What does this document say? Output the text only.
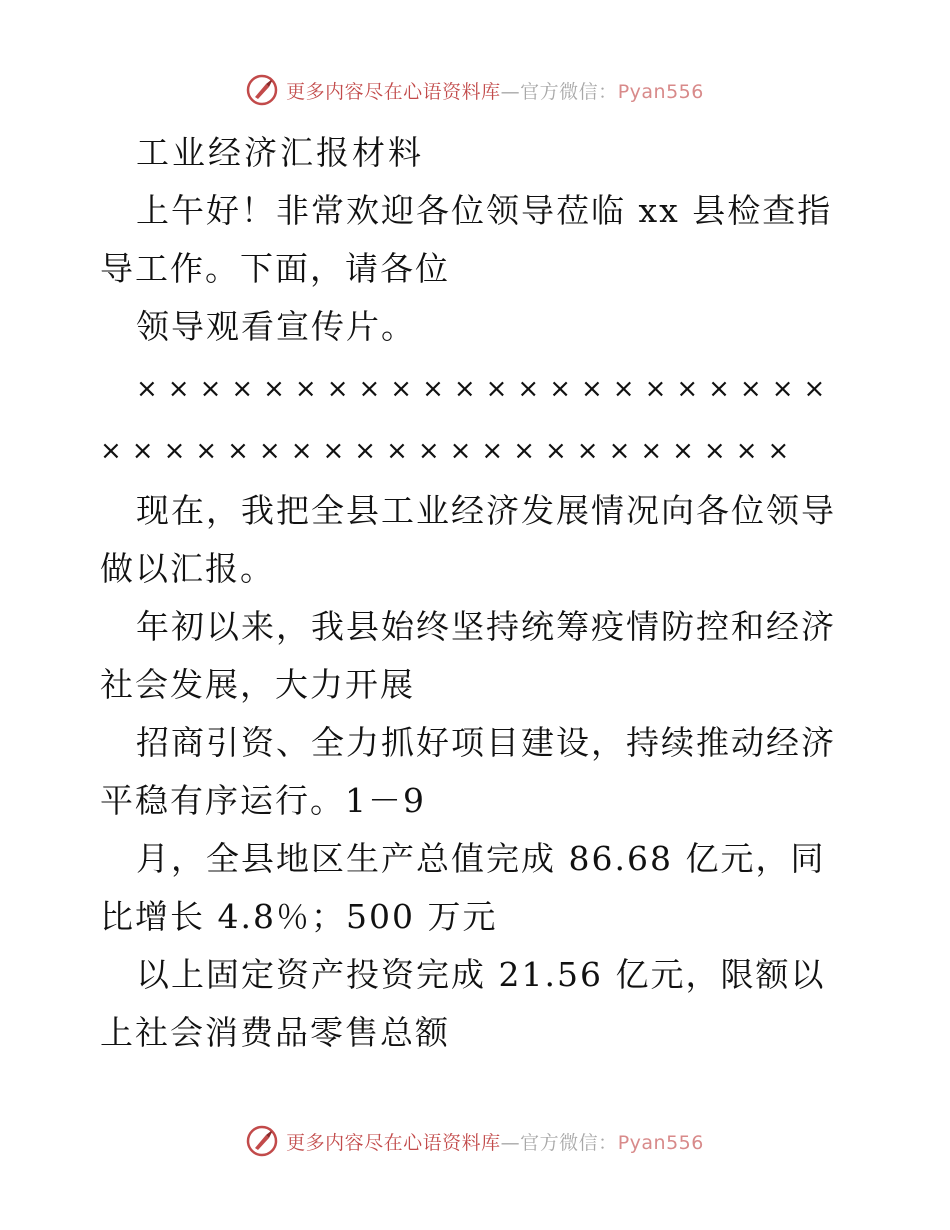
更多内容尽在心语资料库—官方微信：Pyan556

工业经济汇报材料

上午好！非常欢迎各位领导莅临 xx 县检查指导工作。下面，请各位

领导观看宣传片。

××××××××××××××××××××××××××××××××××××××××××××

现在，我把全县工业经济发展情况向各位领导做以汇报。

年初以来，我县始终坚持统筹疫情防控和经济社会发展，大力开展

招商引资、全力抓好项目建设，持续推动经济平稳有序运行。1－9

月，全县地区生产总值完成 86.68 亿元，同比增长 4.8％；500 万元

以上固定资产投资完成 21.56 亿元，限额以上社会消费品零售总额

更多内容尽在心语资料库—官方微信：Pyan556
